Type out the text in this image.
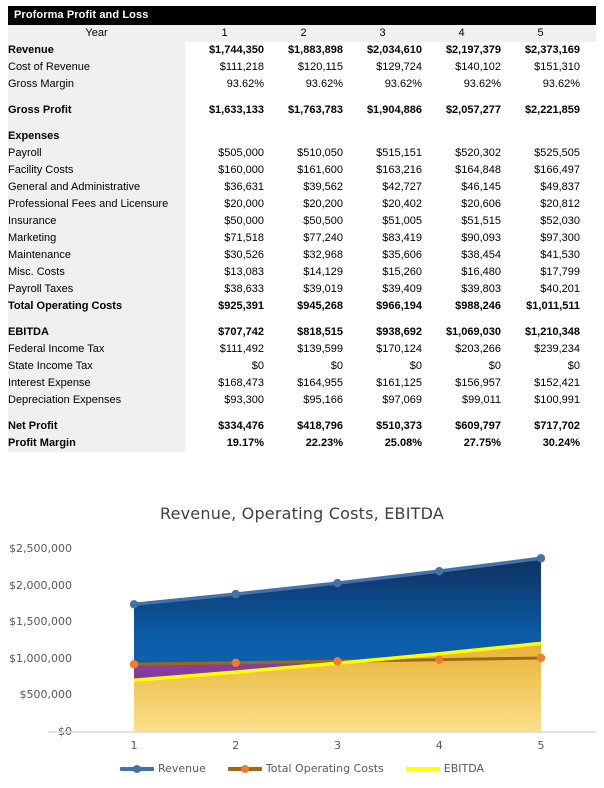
Proforma Profit and Loss
Year	1	2	3	4	5	
Revenue	$1,744,350	$1,883,898	$2,034,610	$2,197,379	$2,373,169	
Cost of Revenue	$111,218	$120,115	$129,724	$140,102	$151,310	
Gross Margin	93.62%	93.62%	93.62%	93.62%	93.62%	

Gross Profit	$1,633,133	$1,763,783	$1,904,886	$2,057,277	$2,221,859	

Expenses						
Payroll	$505,000	$510,050	$515,151	$520,302	$525,505	
Facility Costs	$160,000	$161,600	$163,216	$164,848	$166,497	
General and Administrative	$36,631	$39,562	$42,727	$46,145	$49,837	
Professional Fees and Licensure	$20,000	$20,200	$20,402	$20,606	$20,812	
Insurance	$50,000	$50,500	$51,005	$51,515	$52,030	
Marketing	$71,518	$77,240	$83,419	$90,093	$97,300	
Maintenance	$30,526	$32,968	$35,606	$38,454	$41,530	
Misc. Costs	$13,083	$14,129	$15,260	$16,480	$17,799	
Payroll Taxes	$38,633	$39,019	$39,409	$39,803	$40,201	
Total Operating Costs	$925,391	$945,268	$966,194	$988,246	$1,011,511	

EBITDA	$707,742	$818,515	$938,692	$1,069,030	$1,210,348	
Federal Income Tax	$111,492	$139,599	$170,124	$203,266	$239,234	
State Income Tax	$0	$0	$0	$0	$0	
Interest Expense	$168,473	$164,955	$161,125	$156,957	$152,421	
Depreciation Expenses	$93,300	$95,166	$97,069	$99,011	$100,991	

Net Profit	$334,476	$418,796	$510,373	$609,797	$717,702	
Profit Margin	19.17%	22.23%	25.08%	27.75%	30.24%	
Revenue, Operating Costs, EBITDA
$2,500,000
$2,000,000
$1,500,000
$1,000,000
$500,000
$0
1	2	3	4	5
Revenue	Total Operating Costs	EBITDA
